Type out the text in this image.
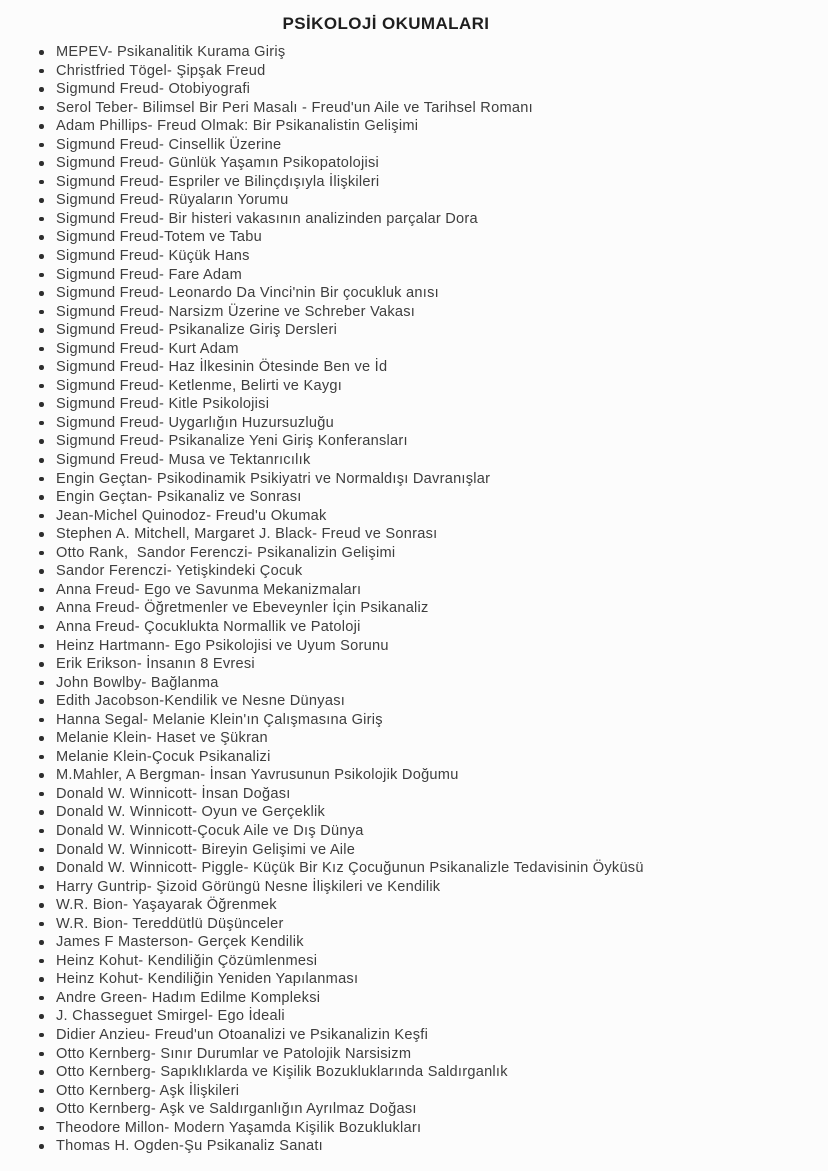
PSİKOLOJİ OKUMALARI
MEPEV- Psikanalitik Kurama Giriş
Christfried Tögel- Şipşak Freud
Sigmund Freud- Otobiyografi
Serol Teber- Bilimsel Bir Peri Masalı - Freud'un Aile ve Tarihsel Romanı
Adam Phillips- Freud Olmak: Bir Psikanalistin Gelişimi
Sigmund Freud- Cinsellik Üzerine
Sigmund Freud- Günlük Yaşamın Psikopatolojisi
Sigmund Freud- Espriler ve Bilinçdışıyla İlişkileri
Sigmund Freud- Rüyaların Yorumu
Sigmund Freud- Bir histeri vakasının analizinden parçalar Dora
Sigmund Freud-Totem ve Tabu
Sigmund Freud- Küçük Hans
Sigmund Freud- Fare Adam
Sigmund Freud- Leonardo Da Vinci'nin Bir çocukluk anısı
Sigmund Freud- Narsizm Üzerine ve Schreber Vakası
Sigmund Freud- Psikanalize Giriş Dersleri
Sigmund Freud- Kurt Adam
Sigmund Freud- Haz İlkesinin Ötesinde Ben ve İd
Sigmund Freud- Ketlenme, Belirti ve Kaygı
Sigmund Freud- Kitle Psikolojisi
Sigmund Freud- Uygarlığın Huzursuzluğu
Sigmund Freud- Psikanalize Yeni Giriş Konferansları
Sigmund Freud- Musa ve Tektanrıcılık
Engin Geçtan- Psikodinamik Psikiyatri ve Normaldışı Davranışlar
Engin Geçtan- Psikanaliz ve Sonrası
Jean-Michel Quinodoz- Freud'u Okumak
Stephen A. Mitchell, Margaret J. Black- Freud ve Sonrası
Otto Rank,  Sandor Ferenczi- Psikanalizin Gelişimi
Sandor Ferenczi- Yetişkindeki Çocuk
Anna Freud- Ego ve Savunma Mekanizmaları
Anna Freud- Öğretmenler ve Ebeveynler İçin Psikanaliz
Anna Freud- Çocuklukta Normallik ve Patoloji
Heinz Hartmann- Ego Psikolojisi ve Uyum Sorunu
Erik Erikson- İnsanın 8 Evresi
John Bowlby- Bağlanma
Edith Jacobson-Kendilik ve Nesne Dünyası
Hanna Segal- Melanie Klein'ın Çalışmasına Giriş
Melanie Klein- Haset ve Şükran
Melanie Klein-Çocuk Psikanalizi
M.Mahler, A Bergman- İnsan Yavrusunun Psikolojik Doğumu
Donald W. Winnicott- İnsan Doğası
Donald W. Winnicott- Oyun ve Gerçeklik
Donald W. Winnicott-Çocuk Aile ve Dış Dünya
Donald W. Winnicott- Bireyin Gelişimi ve Aile
Donald W. Winnicott- Piggle- Küçük Bir Kız Çocuğunun Psikanalizle Tedavisinin Öyküsü
Harry Guntrip- Şizoid Görüngü Nesne İlişkileri ve Kendilik
W.R. Bion- Yaşayarak Öğrenmek
W.R. Bion- Tereddütlü Düşünceler
James F Masterson- Gerçek Kendilik
Heinz Kohut- Kendiliğin Çözümlenmesi
Heinz Kohut- Kendiliğin Yeniden Yapılanması
Andre Green- Hadım Edilme Kompleksi
J. Chasseguet Smirgel- Ego İdeali
Didier Anzieu- Freud'un Otoanalizi ve Psikanalizin Keşfi
Otto Kernberg- Sınır Durumlar ve Patolojik Narsisizm
Otto Kernberg- Sapıklıklarda ve Kişilik Bozukluklarında Saldırganlık
Otto Kernberg- Aşk İlişkileri
Otto Kernberg- Aşk ve Saldırganlığın Ayrılmaz Doğası
Theodore Millon- Modern Yaşamda Kişilik Bozuklukları
Thomas H. Ogden-Şu Psikanaliz Sanatı
